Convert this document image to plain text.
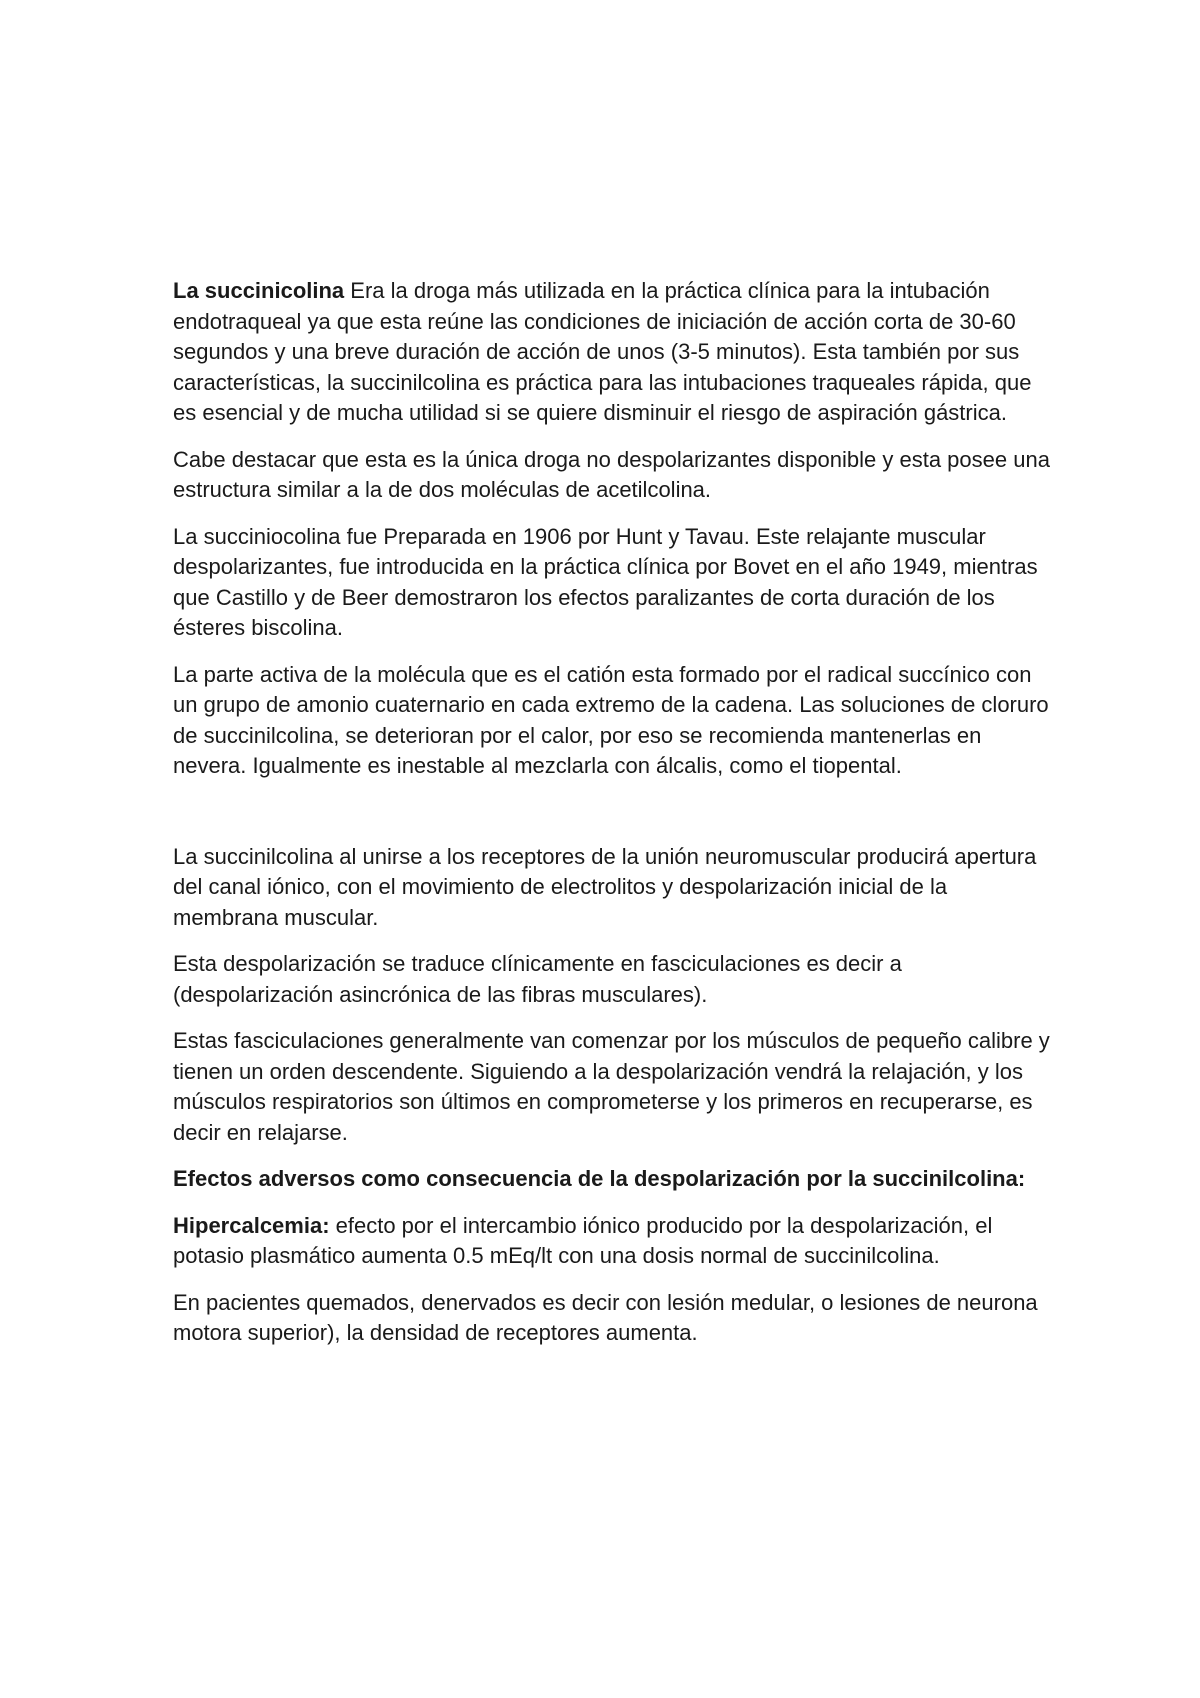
La succinicolina Era la droga más utilizada en la práctica clínica para la intubación endotraqueal ya que esta reúne las condiciones de iniciación de acción corta de 30-60 segundos y una breve duración de acción de unos (3-5 minutos). Esta también por sus características, la succinilcolina es práctica para las intubaciones traqueales rápida, que es esencial y de mucha utilidad si se quiere disminuir el riesgo de aspiración gástrica.

Cabe destacar que esta es la única droga no despolarizantes disponible y esta posee una estructura similar a la de dos moléculas de acetilcolina.

La succiniocolina fue Preparada en 1906 por Hunt y Tavau. Este relajante muscular despolarizantes, fue introducida en la práctica clínica por Bovet en el año 1949, mientras que Castillo y de Beer demostraron los efectos paralizantes de corta duración de los ésteres biscolina.

La parte activa de la molécula que es el catión esta formado por el radical succínico con un grupo de amonio cuaternario en cada extremo de la cadena. Las soluciones de cloruro de succinilcolina, se deterioran por el calor, por eso se recomienda mantenerlas en nevera. Igualmente es inestable al mezclarla con álcalis, como el tiopental.

La succinilcolina al unirse a los receptores de la unión neuromuscular producirá apertura del canal iónico, con el movimiento de electrolitos y despolarización inicial de la membrana muscular.

Esta despolarización se traduce clínicamente en fasciculaciones es decir a (despolarización asincrónica de las fibras musculares).

Estas fasciculaciones generalmente van comenzar por los músculos de pequeño calibre y tienen un orden descendente. Siguiendo a la despolarización vendrá la relajación, y los músculos respiratorios son últimos en comprometerse y los primeros en recuperarse, es decir en relajarse.

Efectos adversos como consecuencia de la despolarización por la succinilcolina:

Hipercalcemia: efecto por el intercambio iónico producido por la despolarización, el potasio plasmático aumenta 0.5 mEq/lt con una dosis normal de succinilcolina.

En pacientes quemados, denervados es decir con lesión medular, o lesiones de neurona motora superior), la densidad de receptores aumenta.
